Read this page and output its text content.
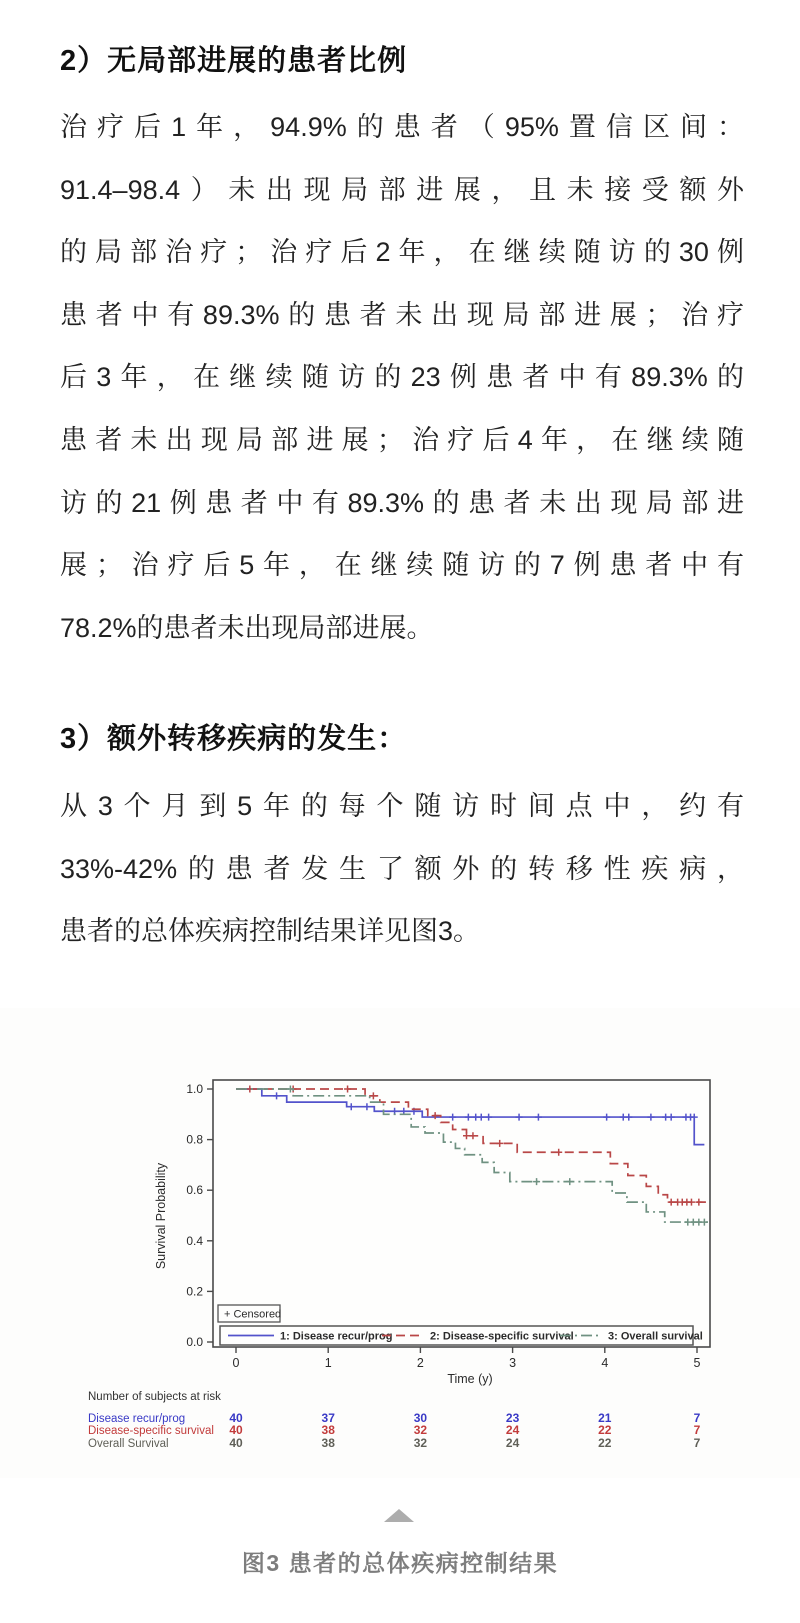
2）无局部进展的患者比例
治疗后1年，94.9%的患者（95%置信区间：
91.4–98.4）未出现局部进展，且未接受额外
的局部治疗；治疗后2年，在继续随访的30例
患者中有89.3%的患者未出现局部进展；治疗
后3年，在继续随访的23例患者中有89.3%的
患者未出现局部进展；治疗后4年，在继续随
访的21例患者中有89.3%的患者未出现局部进
展；治疗后5年，在继续随访的7例患者中有
78.2%的患者未出现局部进展。
3）额外转移疾病的发生：
从3个月到5年的每个随访时间点中，约有
33%-42%的患者发生了额外的转移性疾病，
患者的总体疾病控制结果详见图3。
0.0
0.2
0.4
0.6
0.8
1.0
Survival Probability
0	1	2	3	4	5
Time (y)
+ Censored
1: Disease recur/prog	2: Disease-specific survival	3: Overall survival
Number of subjects at risk
Disease recur/prog	40	37	30	23	21	7
Disease-specific survival 40	38	32	24	22	7
Overall Survival	40	38	32	24	22	7
图3 患者的总体疾病控制结果
